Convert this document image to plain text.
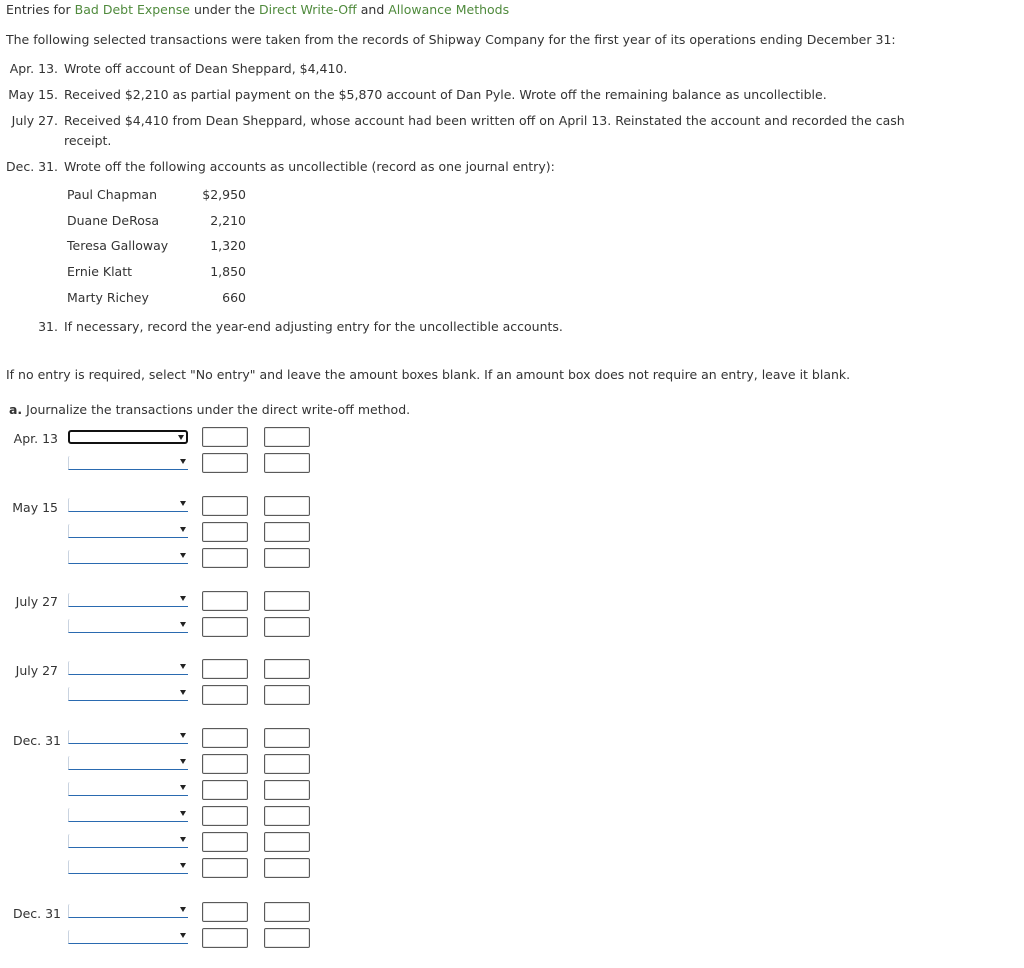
Entries for Bad Debt Expense under the Direct Write-Off and Allowance Methods
The following selected transactions were taken from the records of Shipway Company for the first year of its operations ending December 31:
Apr. 13. Wrote off account of Dean Sheppard, $4,410.
May 15. Received $2,210 as partial payment on the $5,870 account of Dan Pyle. Wrote off the remaining balance as uncollectible.
July 27. Received $4,410 from Dean Sheppard, whose account had been written off on April 13. Reinstated the account and recorded the cash
receipt.
Dec. 31. Wrote off the following accounts as uncollectible (record as one journal entry):
Paul Chapman	$2,950
Duane DeRosa	2,210
Teresa Galloway	1,320
Ernie Klatt	1,850
Marty Richey	660
31. If necessary, record the year-end adjusting entry for the uncollectible accounts.
If no entry is required, select "No entry" and leave the amount boxes blank. If an amount box does not require an entry, leave it blank.
a. Journalize the transactions under the direct write-off method.
Apr. 13
May 15
July 27
July 27
Dec. 31
Dec. 31
